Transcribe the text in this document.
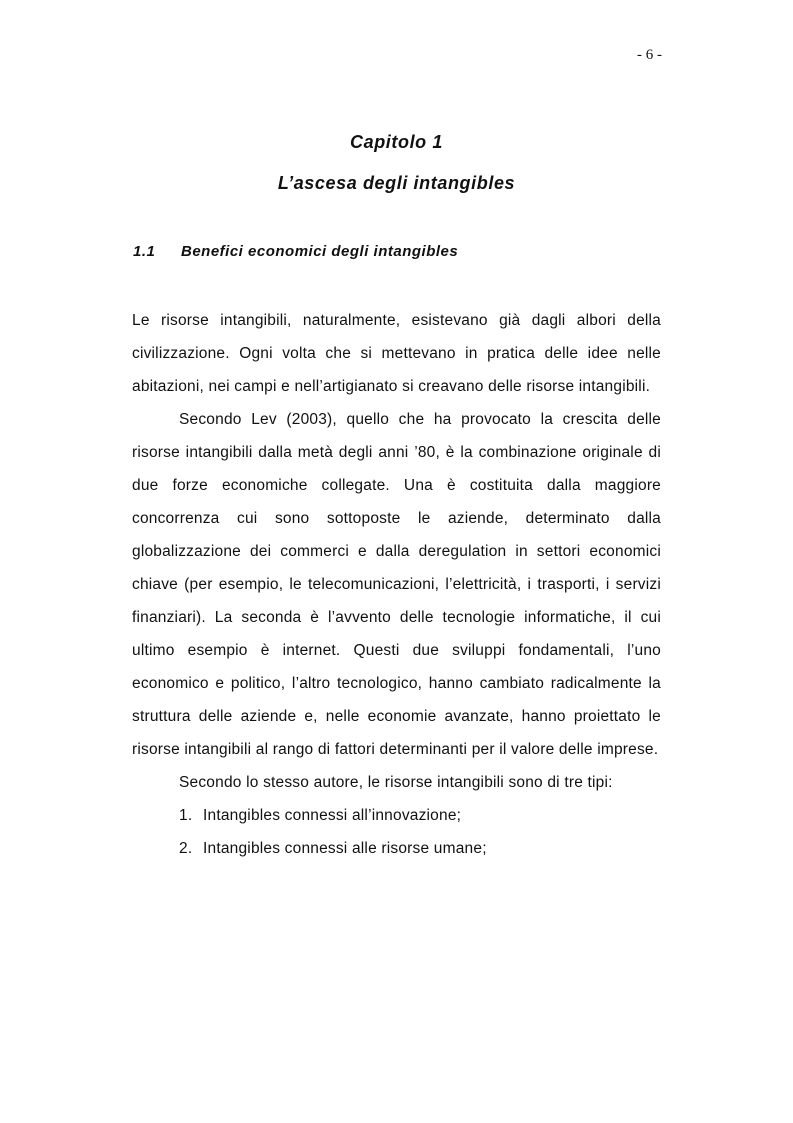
- 6 -
Capitolo 1
L’ascesa degli intangibles
1.1 Benefici economici degli intangibles

Le risorse intangibili, naturalmente, esistevano già dagli albori della civilizzazione. Ogni volta che si mettevano in pratica delle idee nelle abitazioni, nei campi e nell’artigianato si creavano delle risorse intangibili.

Secondo Lev (2003), quello che ha provocato la crescita delle risorse intangibili dalla metà degli anni ’80, è la combinazione originale di due forze economiche collegate. Una è costituita dalla maggiore concorrenza cui sono sottoposte le aziende, determinato dalla globalizzazione dei commerci e dalla deregulation in settori economici chiave (per esempio, le telecomunicazioni, l’elettricità, i trasporti, i servizi finanziari). La seconda è l’avvento delle tecnologie informatiche, il cui ultimo esempio è internet. Questi due sviluppi fondamentali, l’uno economico e politico, l’altro tecnologico, hanno cambiato radicalmente la struttura delle aziende e, nelle economie avanzate, hanno proiettato le risorse intangibili al rango di fattori determinanti per il valore delle imprese.

Secondo lo stesso autore, le risorse intangibili sono di tre tipi:

1. Intangibles connessi all’innovazione;
2. Intangibles connessi alle risorse umane;
